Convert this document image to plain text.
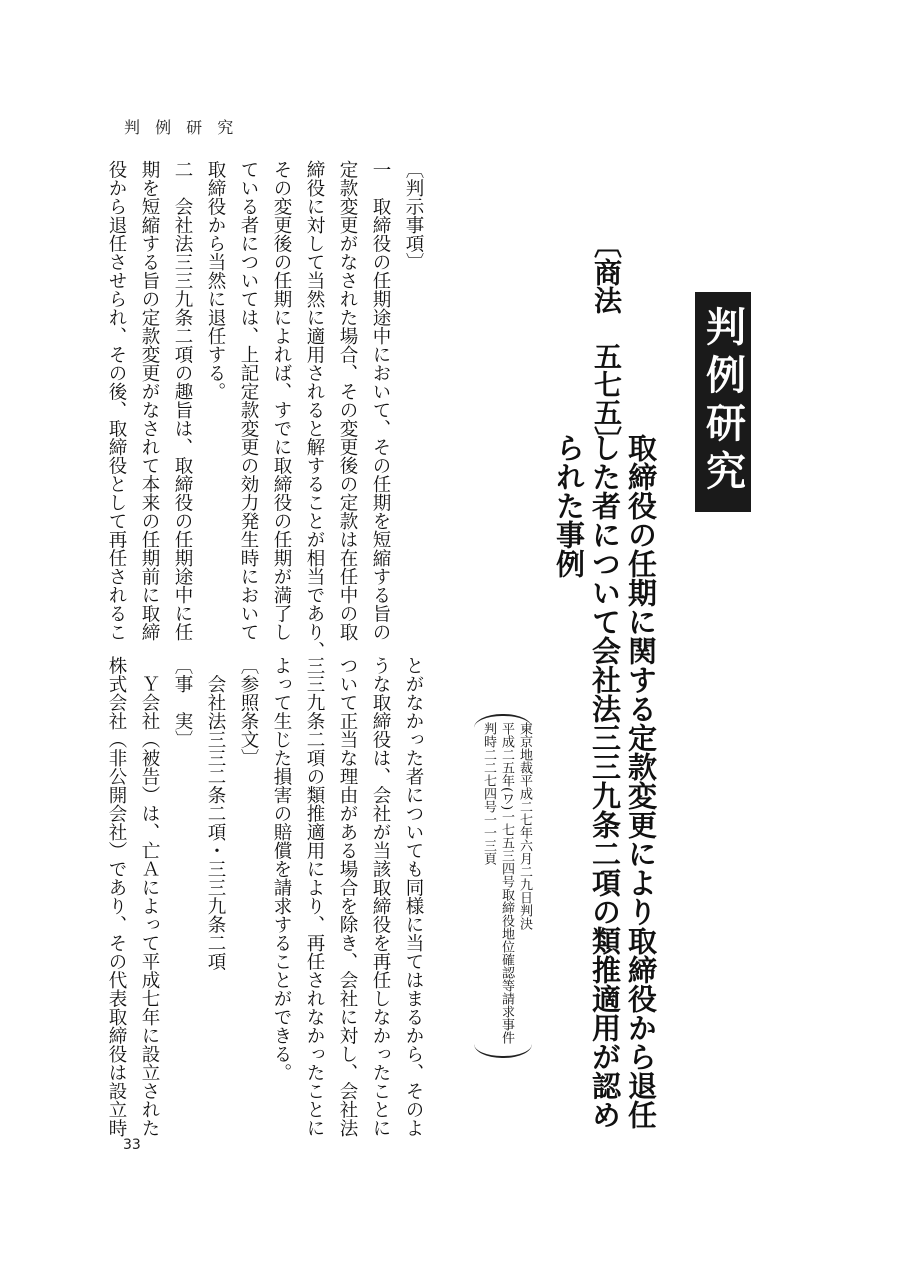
判 例 研 究
判例研究
〔商法　五七五〕
取締役の任期に関する定款変更により取締役から退任
した者について会社法三三九条二項の類推適用が認め
られた事例
東京地裁平成二七年六月二九日判決
平成二五年(ワ)一七五三四号取締役地位確認等請求事件
判時二二七四号一一三頁
〔判示事項〕
一　取締役の任期途中において、その任期を短縮する旨の
定款変更がなされた場合、その変更後の定款は在任中の取
締役に対して当然に適用されると解することが相当であり、
その変更後の任期によれば、すでに取締役の任期が満了し
ている者については、上記定款変更の効力発生時において
取締役から当然に退任する。
二　会社法三三九条二項の趣旨は、取締役の任期途中に任
期を短縮する旨の定款変更がなされて本来の任期前に取締
役から退任させられ、その後、取締役として再任されるこ
とがなかった者についても同様に当てはまるから、そのよ
うな取締役は、会社が当該取締役を再任しなかったことに
ついて正当な理由がある場合を除き、会社に対し、会社法
三三九条二項の類推適用により、再任されなかったことに
よって生じた損害の賠償を請求することができる。
〔参照条文〕
　会社法三三二条二項・三三九条二項
〔事　実〕
　Ｙ会社（被告）は、亡Ａによって平成七年に設立された
株式会社（非公開会社）であり、その代表取締役は設立時
33
